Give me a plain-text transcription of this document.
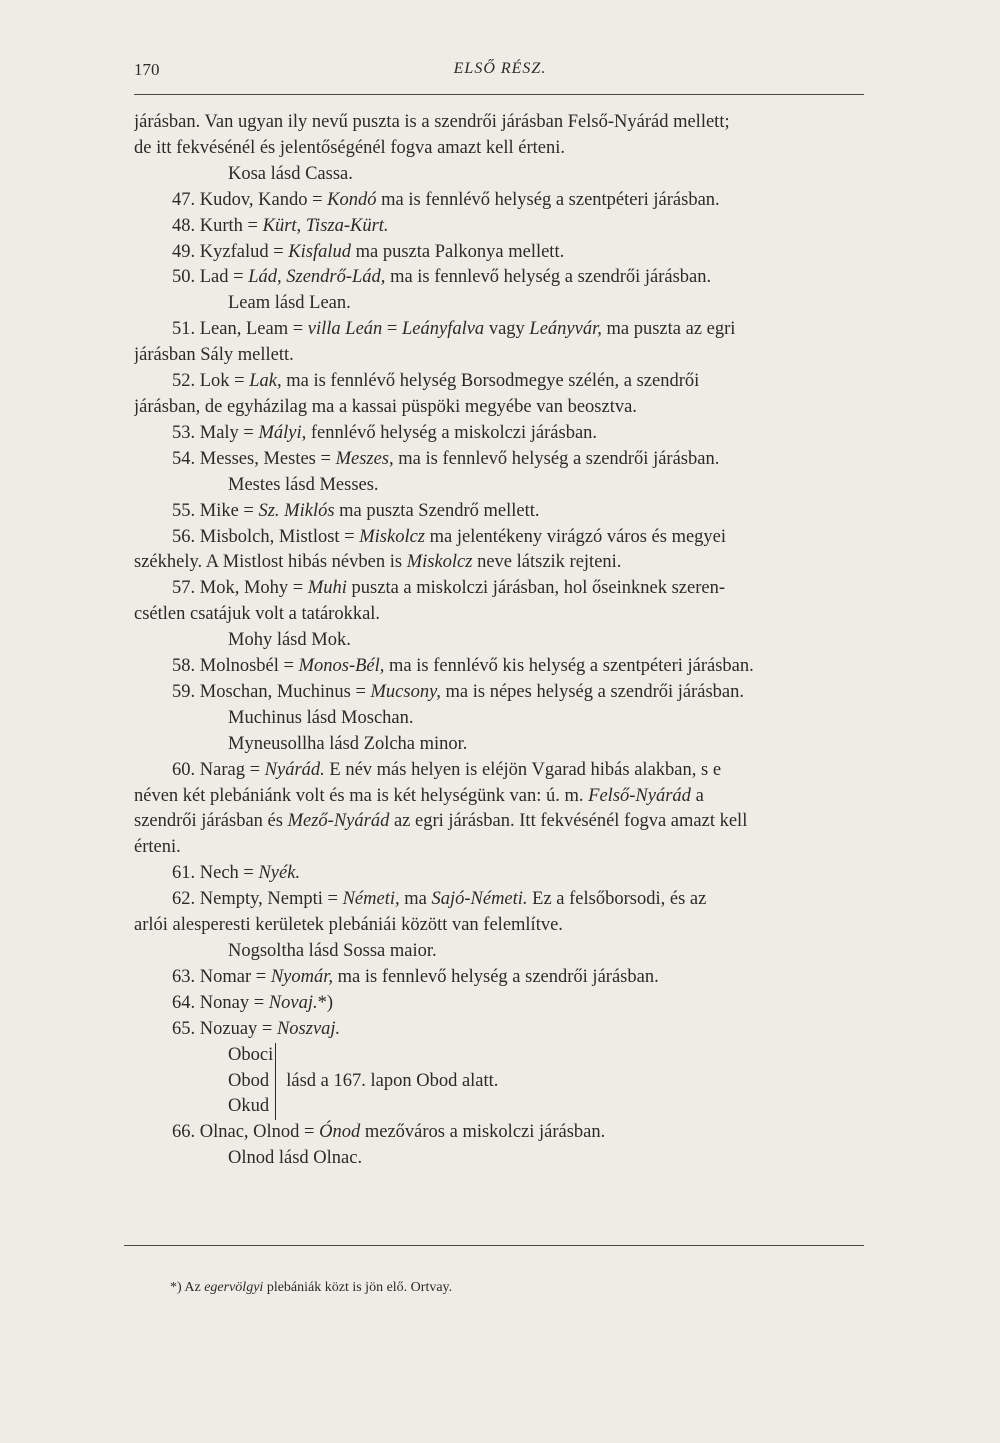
170	ELSŐ RÉSZ.
járásban. Van ugyan ily nevű puszta is a szendrői járásban Felső-Nyárád mellett;
de itt fekvésénél és jelentőségénél fogva amazt kell érteni.
Kosa lásd Cassa.
47. Kudov, Kando = Kondó ma is fennlévő helység a szentpéteri járásban.
48. Kurth = Kürt, Tisza-Kürt.
49. Kyzfalud = Kisfalud ma puszta Palkonya mellett.
50. Lad = Lád, Szendrő-Lád, ma is fennlevő helység a szendrői járásban.
Leam lásd Lean.
51. Lean, Leam = villa Leán = Leányfalva vagy Leányvár, ma puszta az egri
járásban Sály mellett.
52. Lok = Lak, ma is fennlévő helység Borsodmegye szélén, a szendrői
járásban, de egyházilag ma a kassai püspöki megyébe van beosztva.
53. Maly = Mályi, fennlévő helység a miskolczi járásban.
54. Messes, Mestes = Meszes, ma is fennlevő helység a szendrői járásban.
Mestes lásd Messes.
55. Mike = Sz. Miklós ma puszta Szendrő mellett.
56. Misbolch, Mistlost = Miskolcz ma jelentékeny virágzó város és megyei
székhely. A Mistlost hibás névben is Miskolcz neve látszik rejteni.
57. Mok, Mohy = Muhi puszta a miskolczi járásban, hol őseinknek szeren-
csétlen csatájuk volt a tatárokkal.
Mohy lásd Mok.
58. Molnosbél = Monos-Bél, ma is fennlévő kis helység a szentpéteri járásban.
59. Moschan, Muchinus = Mucsony, ma is népes helység a szendrői járásban.
Muchinus lásd Moschan.
Myneusollha lásd Zolcha minor.
60. Narag = Nyárád. E név más helyen is eléjön Vgarad hibás alakban, s e
néven két plebániánk volt és ma is két helységünk van: ú. m. Felső-Nyárád a
szendrői járásban és Mező-Nyárád az egri járásban. Itt fekvésénél fogva amazt kell
érteni.
61. Nech = Nyék.
62. Nempty, Nempti = Németi, ma Sajó-Németi. Ez a felsőborsodi, és az
arlói alesperesti kerületek plebániái között van felemlítve.
Nogsoltha lásd Sossa maior.
63. Nomar = Nyomár, ma is fennlevő helység a szendrői járásban.
64. Nonay = Novaj.*)
65. Nozuay = Noszvaj.
Oboci
Obod
Okud
lásd a 167. lapon Obod alatt.
66. Olnac, Olnod = Ónod mezőváros a miskolczi járásban.
Olnod lásd Olnac.
*) Az egervölgyi plebániák közt is jön elő. Ortvay.
